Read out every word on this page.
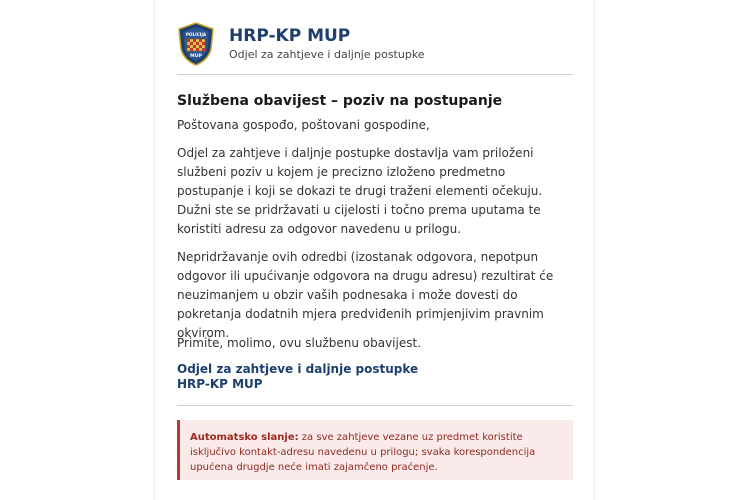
POLICIJA
MUP
HRP-KP MUP
Odjel za zahtjeve i daljnje postupke
Službena obavijest – poziv na postupanje
Poštovana gospođo, poštovani gospodine,
Odjel za zahtjeve i daljnje postupke dostavlja vam priloženi službeni poziv u kojem je precizno izloženo predmetno postupanje i koji se dokazi te drugi traženi elementi očekuju. Dužni ste se pridržavati u cijelosti i točno prema uputama te koristiti adresu za odgovor navedenu u prilogu.
Nepridržavanje ovih odredbi (izostanak odgovora, nepotpun odgovor ili upućivanje odgovora na drugu adresu) rezultirat će neuzimanjem u obzir vaših podnesaka i može dovesti do pokretanja dodatnih mjera predviđenih primjenjivim pravnim okvirom.
Primite, molimo, ovu službenu obavijest.
Odjel za zahtjeve i daljnje postupke
HRP-KP MUP
Automatsko slanje: za sve zahtjeve vezane uz predmet koristite isključivo kontakt-adresu navedenu u prilogu; svaka korespondencija upućena drugdje neće imati zajamčeno praćenje.
